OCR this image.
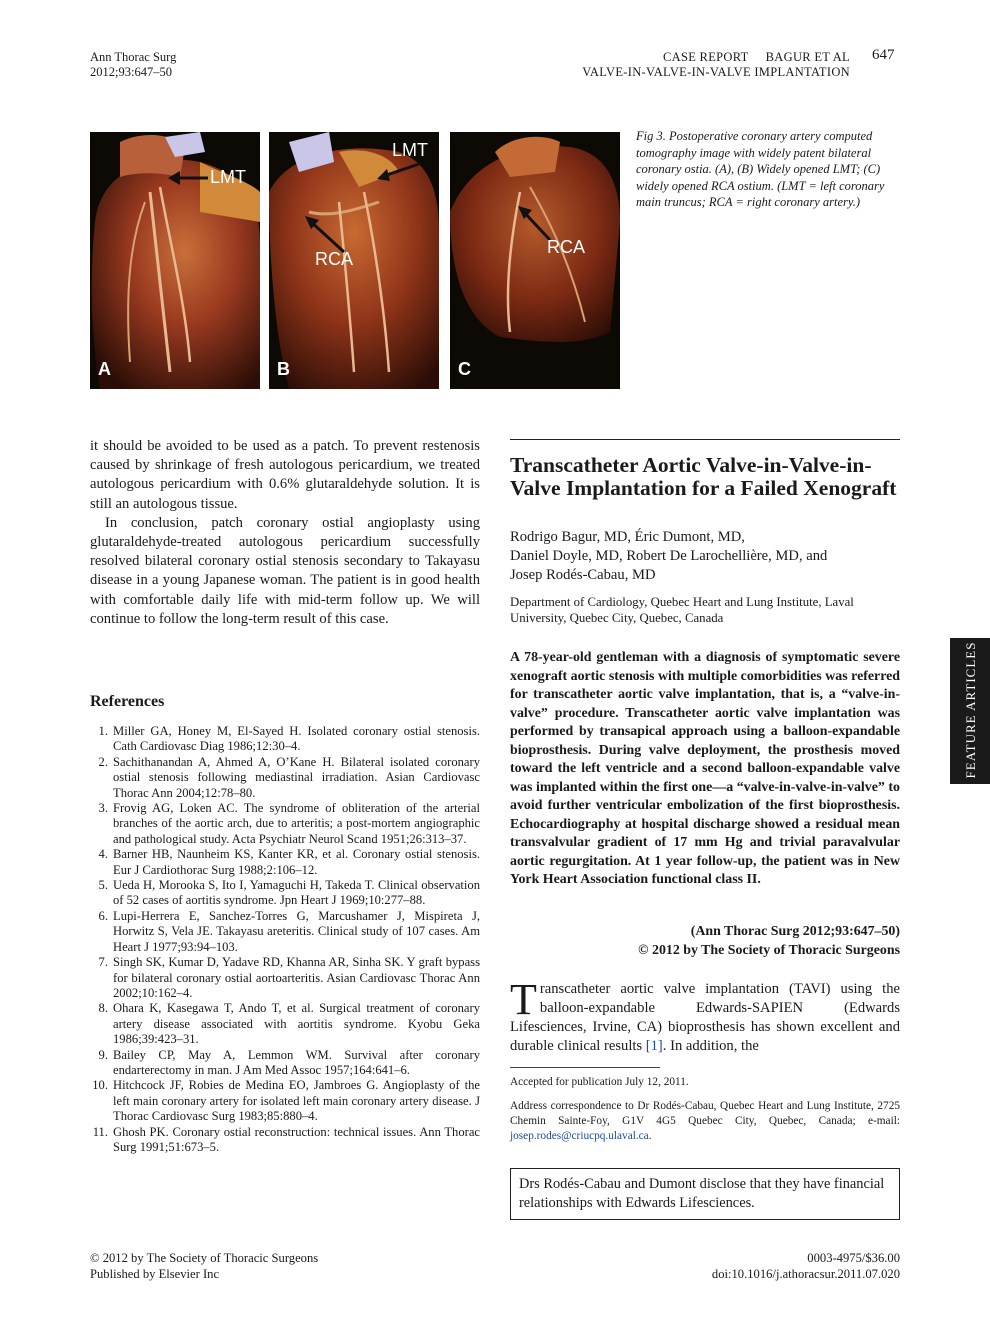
Ann Thorac Surg
2012;93:647–50
CASE REPORT BAGUR ET AL
VALVE-IN-VALVE-IN-VALVE IMPLANTATION
647
LMT
A
LMT
RCA
B
RCA
C
Fig 3. Postoperative coronary artery computed tomography image with widely patent bilateral coronary ostia. (A), (B) Widely opened LMT; (C) widely opened RCA ostium. (LMT = left coronary main truncus; RCA = right coronary artery.)

it should be avoided to be used as a patch. To prevent restenosis caused by shrinkage of fresh autologous pericardium, we treated autologous pericardium with 0.6% glutaraldehyde solution. It is still an autologous tissue.

In conclusion, patch coronary ostial angioplasty using glutaraldehyde-treated autologous pericardium successfully resolved bilateral coronary ostial stenosis secondary to Takayasu disease in a young Japanese woman. The patient is in good health with comfortable daily life with mid-term follow up. We will continue to follow the long-term result of this case.

References
1. Miller GA, Honey M, El-Sayed H. Isolated coronary ostial stenosis. Cath Cardiovasc Diag 1986;12:30–4.
2. Sachithanandan A, Ahmed A, O’Kane H. Bilateral isolated coronary ostial stenosis following mediastinal irradiation. Asian Cardiovasc Thorac Ann 2004;12:78–80.
3. Frovig AG, Loken AC. The syndrome of obliteration of the arterial branches of the aortic arch, due to arteritis; a post-mortem angiographic and pathological study. Acta Psychiatr Neurol Scand 1951;26:313–37.
4. Barner HB, Naunheim KS, Kanter KR, et al. Coronary ostial stenosis. Eur J Cardiothorac Surg 1988;2:106–12.
5. Ueda H, Morooka S, Ito I, Yamaguchi H, Takeda T. Clinical observation of 52 cases of aortitis syndrome. Jpn Heart J 1969;10:277–88.
6. Lupi-Herrera E, Sanchez-Torres G, Marcushamer J, Mispireta J, Horwitz S, Vela JE. Takayasu areteritis. Clinical study of 107 cases. Am Heart J 1977;93:94–103.
7. Singh SK, Kumar D, Yadave RD, Khanna AR, Sinha SK. Y graft bypass for bilateral coronary ostial aortoarteritis. Asian Cardiovasc Thorac Ann 2002;10:162–4.
8. Ohara K, Kasegawa T, Ando T, et al. Surgical treatment of coronary artery disease associated with aortitis syndrome. Kyobu Geka 1986;39:423–31.
9. Bailey CP, May A, Lemmon WM. Survival after coronary endarterectomy in man. J Am Med Assoc 1957;164:641–6.
10. Hitchcock JF, Robies de Medina EO, Jambroes G. Angioplasty of the left main coronary artery for isolated left main coronary artery disease. J Thorac Cardiovasc Surg 1983;85:880–4.
11. Ghosh PK. Coronary ostial reconstruction: technical issues. Ann Thorac Surg 1991;51:673–5.
Transcatheter Aortic Valve-in-Valve-in-Valve Implantation for a Failed Xenograft
Rodrigo Bagur, MD, Éric Dumont, MD,
Daniel Doyle, MD, Robert De Larochellière, MD, and
Josep Rodés-Cabau, MD
Department of Cardiology, Quebec Heart and Lung Institute, Laval University, Quebec City, Quebec, Canada
A 78-year-old gentleman with a diagnosis of symptomatic severe xenograft aortic stenosis with multiple comorbidities was referred for transcatheter aortic valve implantation, that is, a “valve-in-valve” procedure. Transcatheter aortic valve implantation was performed by transapical approach using a balloon-expandable bioprosthesis. During valve deployment, the prosthesis moved toward the left ventricle and a second balloon-expandable valve was implanted within the first one—a “valve-in-valve-in-valve” to avoid further ventricular embolization of the first bioprosthesis. Echocardiography at hospital discharge showed a residual mean transvalvular gradient of 17 mm Hg and trivial paravalvular aortic regurgitation. At 1 year follow-up, the patient was in New York Heart Association functional class II.
(Ann Thorac Surg 2012;93:647–50)
© 2012 by The Society of Thoracic Surgeons
Transcatheter aortic valve implantation (TAVI) using the balloon-expandable Edwards-SAPIEN (Edwards Lifesciences, Irvine, CA) bioprosthesis has shown excellent and durable clinical results [1]. In addition, the
Accepted for publication July 12, 2011.
Address correspondence to Dr Rodés-Cabau, Quebec Heart and Lung Institute, 2725 Chemin Sainte-Foy, G1V 4G5 Quebec City, Quebec, Canada; e-mail: josep.rodes@criucpq.ulaval.ca.
Drs Rodés-Cabau and Dumont disclose that they have financial relationships with Edwards Lifesciences.
FEATURE ARTICLES
© 2012 by The Society of Thoracic Surgeons
Published by Elsevier Inc
0003-4975/$36.00
doi:10.1016/j.athoracsur.2011.07.020
